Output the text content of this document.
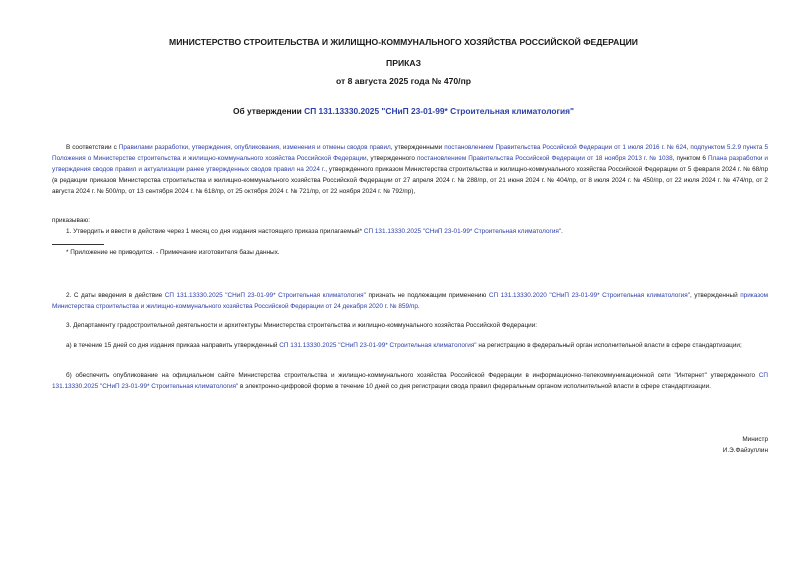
МИНИСТЕРСТВО СТРОИТЕЛЬСТВА И ЖИЛИЩНО-КОММУНАЛЬНОГО ХОЗЯЙСТВА РОССИЙСКОЙ ФЕДЕРАЦИИ
ПРИКАЗ
от 8 августа 2025 года № 470/пр
Об утверждении СП 131.13330.2025 "СНиП 23-01-99* Строительная климатология"
В соответствии с Правилами разработки, утверждения, опубликования, изменения и отмены сводов правил, утвержденными постановлением Правительства Российской Федерации от 1 июля 2016 г. № 624, подпунктом 5.2.9 пункта 5 Положения о Министерстве строительства и жилищно-коммунального хозяйства Российской Федерации, утвержденного постановлением Правительства Российской Федерации от 18 ноября 2013 г. № 1038, пунктом 6 Плана разработки и утверждения сводов правил и актуализации ранее утвержденных сводов правил на 2024 г., утвержденного приказом Министерства строительства и жилищно-коммунального хозяйства Российской Федерации от 5 февраля 2024 г. № 68/пр (в редакции приказов Министерства строительства и жилищно-коммунального хозяйства Российской Федерации от 27 апреля 2024 г. № 288/пр, от 21 июня 2024 г. № 404/пр, от 8 июля 2024 г. № 450/пр, от 22 июля 2024 г. № 474/пр, от 2 августа 2024 г. № 500/пр, от 13 сентября 2024 г. № 618/пр, от 25 октября 2024 г. № 721/пр, от 22 ноября 2024 г. № 792/пр),
приказываю:
1. Утвердить и ввести в действие через 1 месяц со дня издания настоящего приказа прилагаемый* СП 131.13330.2025 "СНиП 23-01-99* Строительная климатология".
* Приложение не приводится. - Примечание изготовителя базы данных.
2. С даты введения в действие СП 131.13330.2025 "СНиП 23-01-99* Строительная климатология" признать не подлежащим применению СП 131.13330.2020 "СНиП 23-01-99* Строительная климатология", утвержденный приказом Министерства строительства и жилищно-коммунального хозяйства Российской Федерации от 24 декабря 2020 г. № 859/пр.
3. Департаменту градостроительной деятельности и архитектуры Министерства строительства и жилищно-коммунального хозяйства Российской Федерации:
а) в течение 15 дней со дня издания приказа направить утвержденный СП 131.13330.2025 "СНиП 23-01-99* Строительная климатология" на регистрацию в федеральный орган исполнительной власти в сфере стандартизации;
б) обеспечить опубликование на официальном сайте Министерства строительства и жилищно-коммунального хозяйства Российской Федерации в информационно-телекоммуникационной сети "Интернет" утвержденного СП 131.13330.2025 "СНиП 23-01-99* Строительная климатология" в электронно-цифровой форме в течение 10 дней со дня регистрации свода правил федеральным органом исполнительной власти в сфере стандартизации.
Министр
И.Э.Файзуллин
